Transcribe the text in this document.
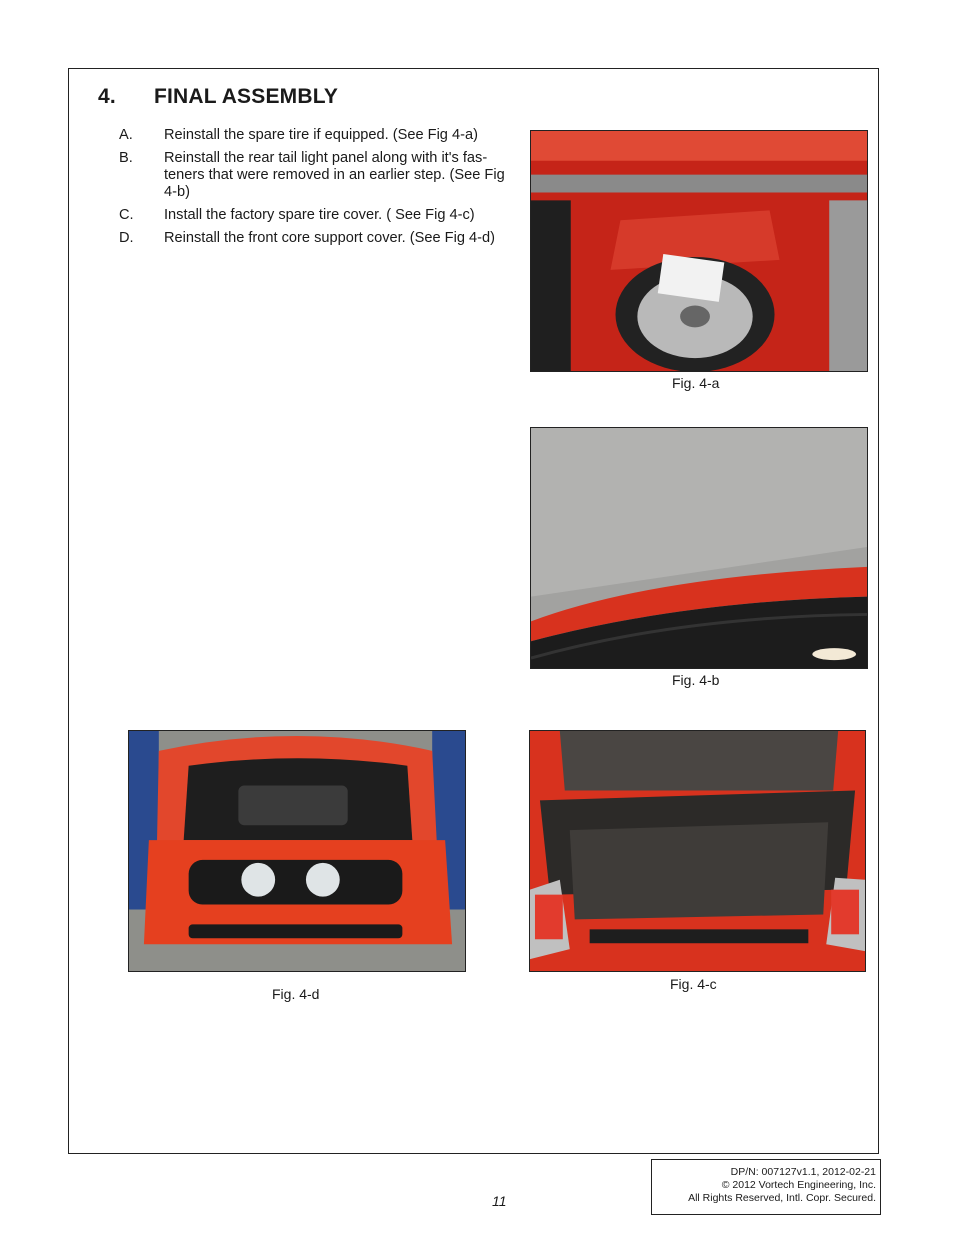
4. FINAL ASSEMBLY
A.	Reinstall the spare tire if equipped. (See Fig 4-a)
B.	Reinstall the rear tail light panel along with it's fas-teners that were removed in an earlier step. (See Fig 4-b)
C.	Install the factory spare tire cover. ( See Fig 4-c)
D.	Reinstall the front core support cover. (See Fig 4-d)
Fig. 4-a
Fig. 4-b
Fig. 4-d
Fig. 4-c
11
DP/N: 007127v1.1, 2012-02-21
© 2012 Vortech Engineering, Inc.
All Rights Reserved, Intl. Copr. Secured.
